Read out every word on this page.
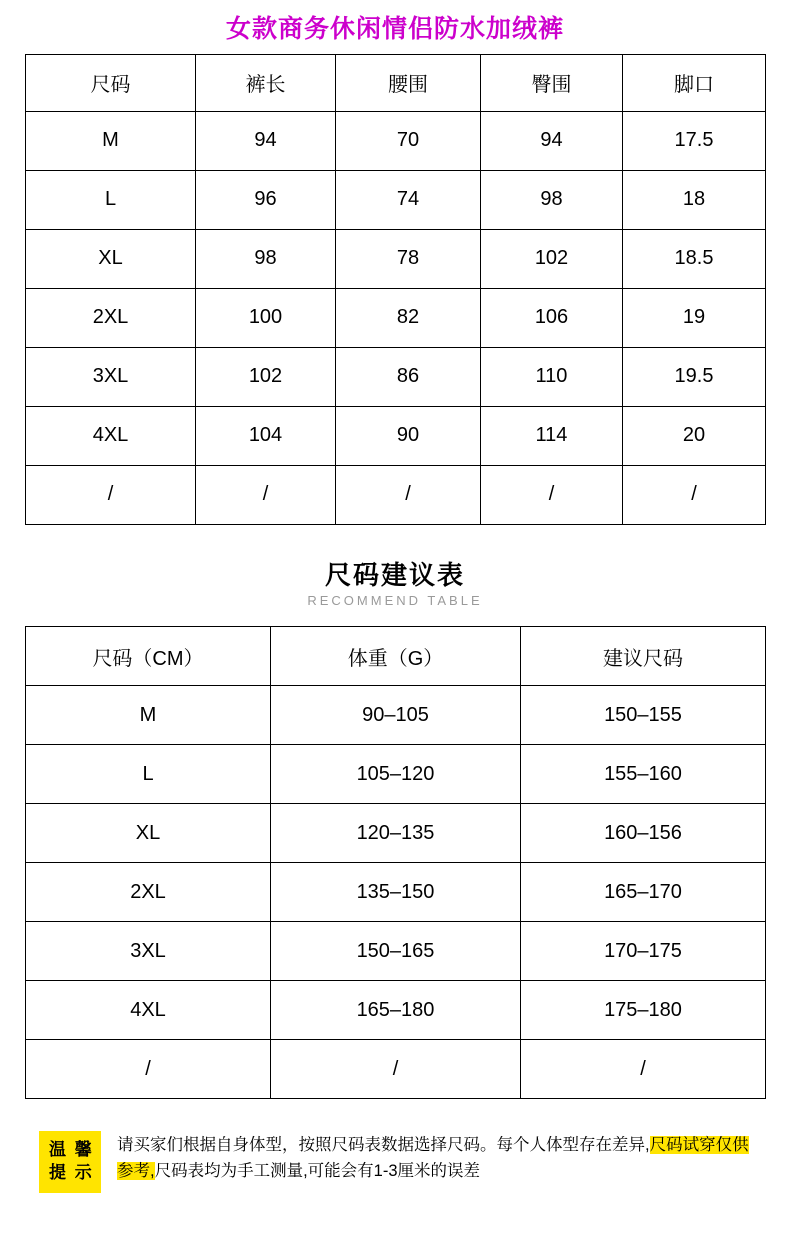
女款商务休闲情侣防水加绒裤
尺码	裤长	腰围	臀围	脚口
M	94	70	94	17.5
L	96	74	98	18
XL	98	78	102	18.5
2XL	100	82	106	19
3XL	102	86	110	19.5
4XL	104	90	114	20
/	/	/	/	/
尺码建议表
RECOMMEND TABLE
尺码（CM）	体重（G）	建议尺码
M	90–105	150–155
L	105–120	155–160
XL	120–135	160–156
2XL	135–150	165–170
3XL	150–165	170–175
4XL	165–180	175–180
/	/	/
温 馨
提 示
请买家们根据自身体型，按照尺码表数据选择尺码。每个人体型存在差异,尺码试穿仅供参考,尺码表均为手工测量,可能会有1-3厘米的误差
